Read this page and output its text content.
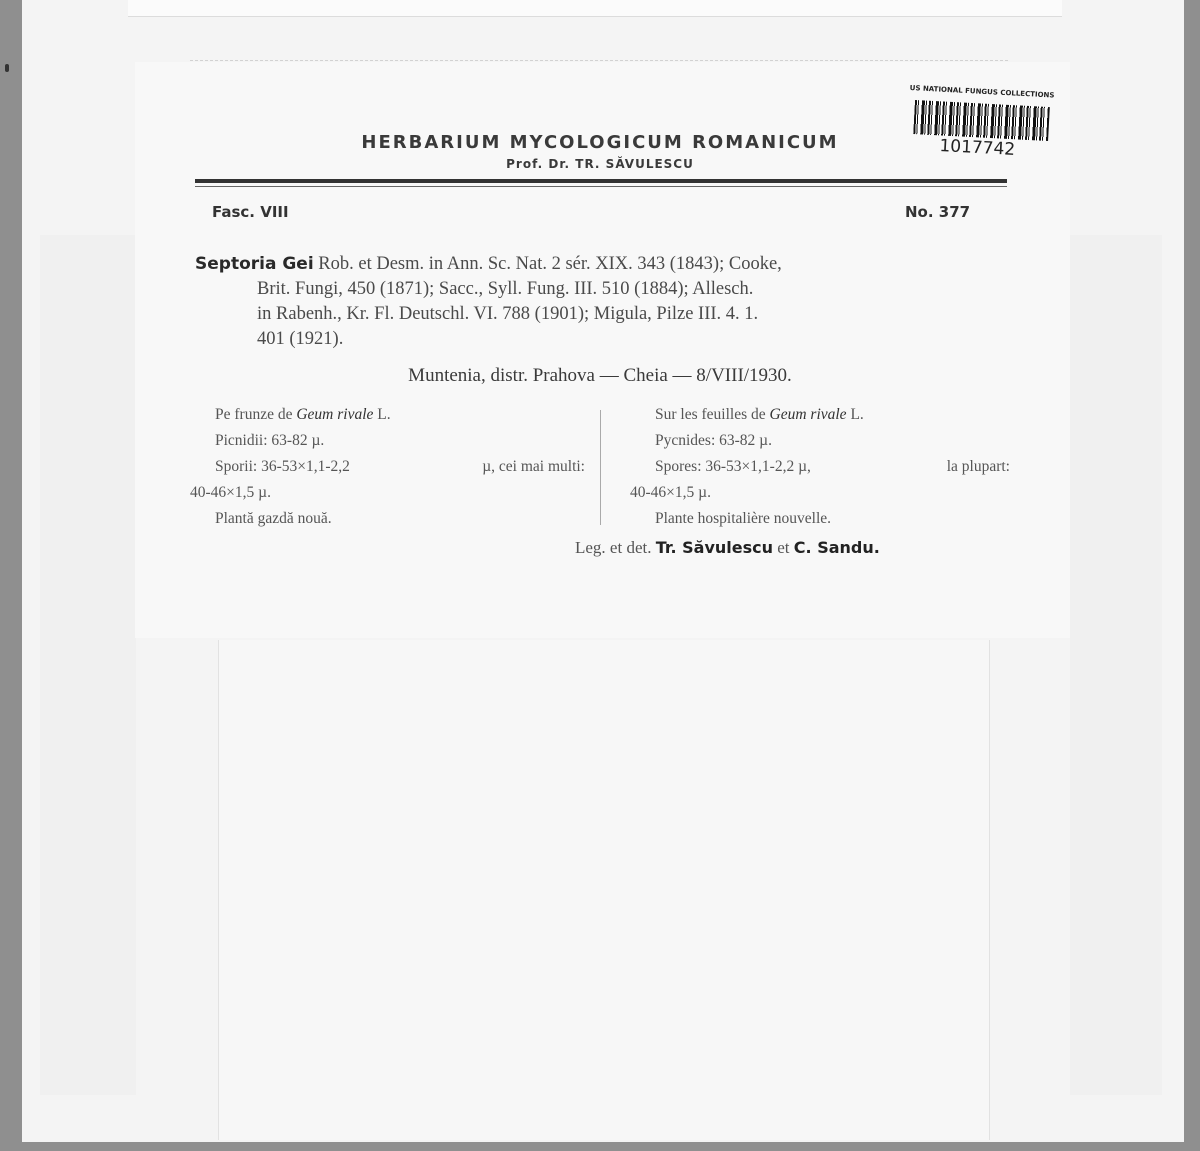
HERBARIUM MYCOLOGICUM ROMANICUM
Prof. Dr. TR. SĂVULESCU
US NATIONAL FUNGUS COLLECTIONS
1017742
Fasc. VIII	No. 377
Septoria Gei Rob. et Desm. in Ann. Sc. Nat. 2 sér. XIX. 343 (1843); Cooke,
Brit. Fungi, 450 (1871); Sacc., Syll. Fung. III. 510 (1884); Allesch.
in Rabenh., Kr. Fl. Deutschl. VI. 788 (1901); Migula, Pilze III. 4. 1.
401 (1921).
Muntenia, distr. Prahova — Cheia — 8/VIII/1930.
Pe frunze de Geum rivale L.
Picnidii: 63-82 µ.
Sporii: 36-53×1,1-2,2	µ, cei mai multi:
40-46×1,5 µ.
Plantă gazdă nouă.
Sur les feuilles de Geum rivale L.
Pycnides: 63-82 µ.
Spores: 36-53×1,1-2,2 µ,	la plupart:
40-46×1,5 µ.
Plante hospitalière nouvelle.
Leg. et det. Tr. Săvulescu et C. Sandu.
